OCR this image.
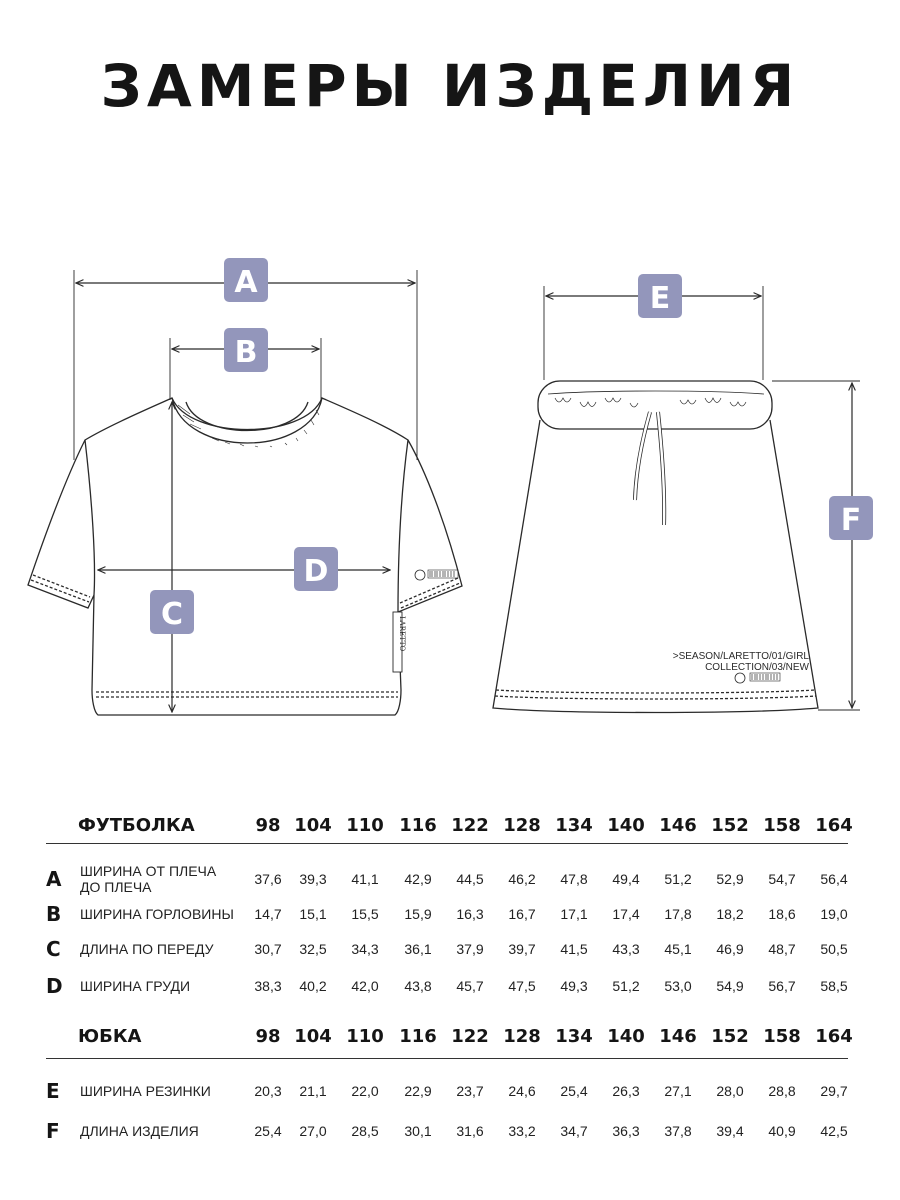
ЗАМЕРЫ ИЗДЕЛИЯ
LARETTO
>SEASON/LARETTO/01/GIRL
COLLECTION/03/NEW
A
B
C
D
E
F
ФУТБОЛКА	98 104 110 116 122 128 134 140 146 152 158 164
A ШИРИНА ОТ ПЛЕЧА
ДО ПЛЕЧА	37,6	39,3	41,1	42,9	44,5	46,2	47,8	49,4	51,2	52,9	54,7	56,4
B ШИРИНА ГОРЛОВИНЫ	14,7	15,1	15,5	15,9	16,3	16,7	17,1	17,4	17,8	18,2	18,6	19,0
C ДЛИНА ПО ПЕРЕДУ	30,7	32,5	34,3	36,1	37,9	39,7	41,5	43,3	45,1	46,9	48,7	50,5
D ШИРИНА ГРУДИ	38,3	40,2	42,0	43,8	45,7	47,5	49,3	51,2	53,0	54,9	56,7	58,5
ЮБКА	98 104 110 116 122 128 134 140 146 152 158 164
E ШИРИНА РЕЗИНКИ	20,3	21,1	22,0	22,9	23,7	24,6	25,4	26,3	27,1	28,0	28,8	29,7
F ДЛИНА ИЗДЕЛИЯ	25,4	27,0	28,5	30,1	31,6	33,2	34,7	36,3	37,8	39,4	40,9	42,5
